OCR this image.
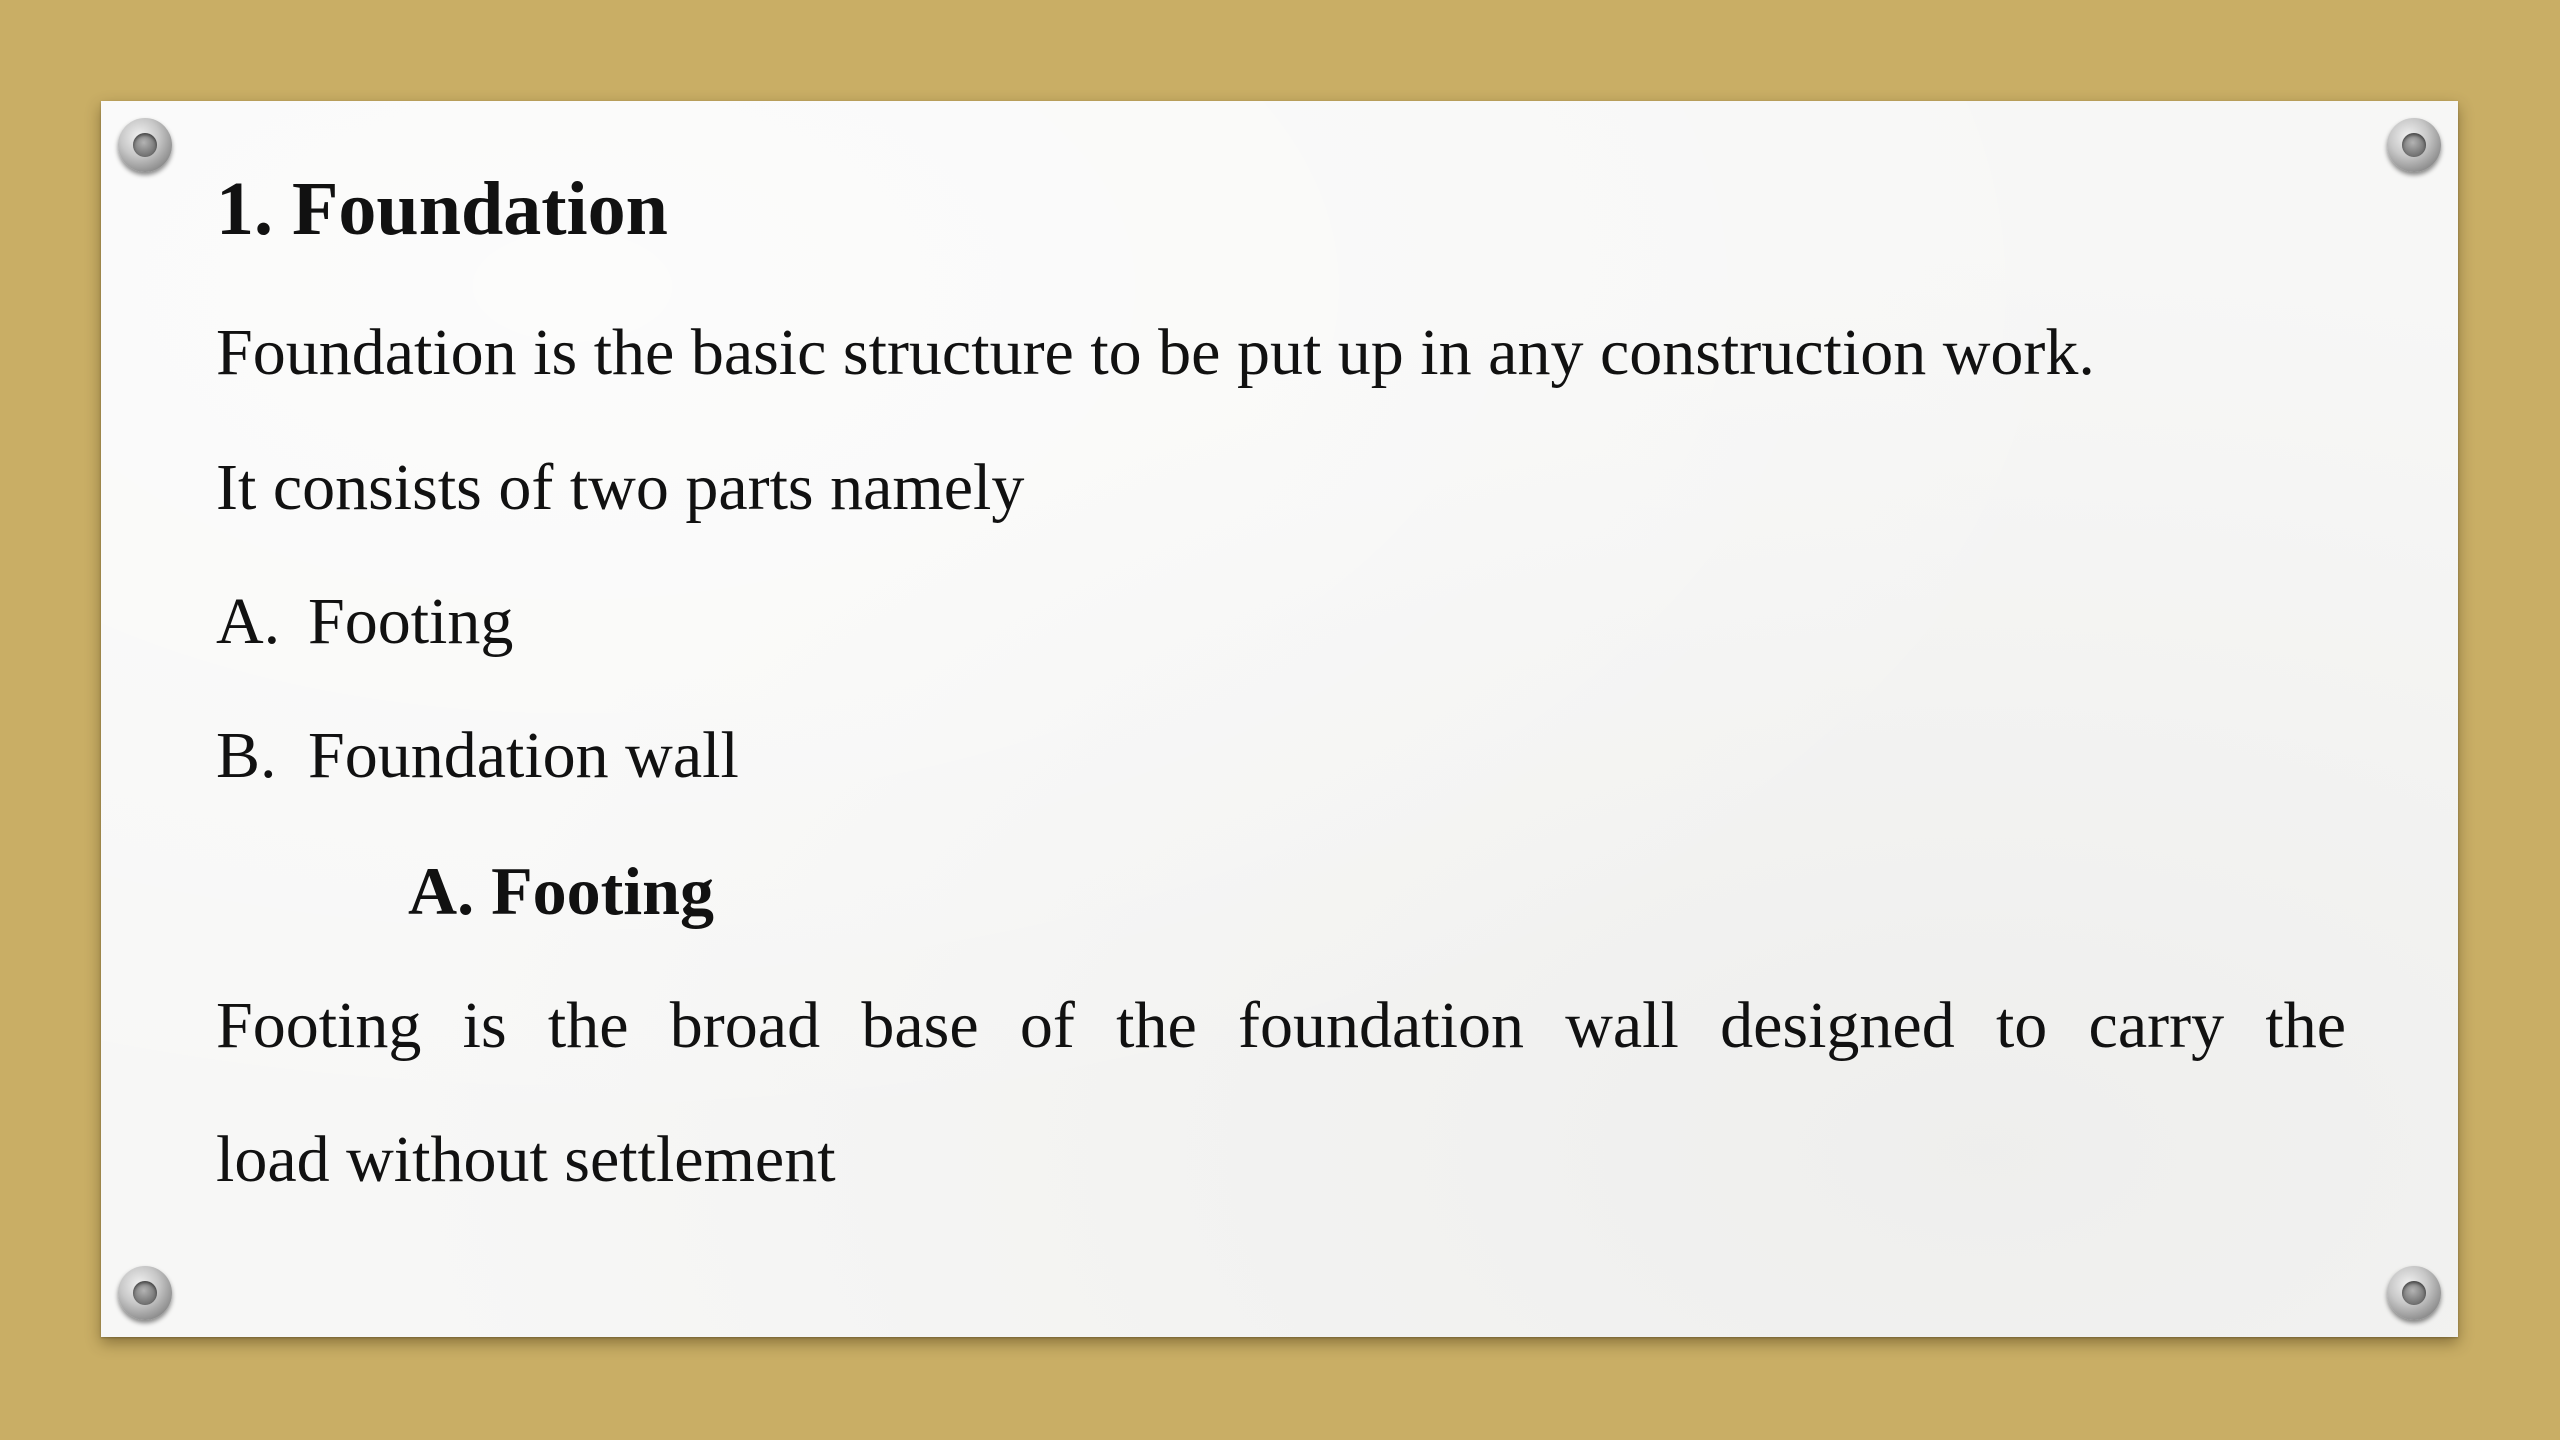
1. Foundation
Foundation is the basic structure to be put up in any construction work.
It consists of two parts namely
A. Footing
B. Foundation wall
A. Footing
Footing is the broad base of the foundation wall designed to carry the
load without settlement
